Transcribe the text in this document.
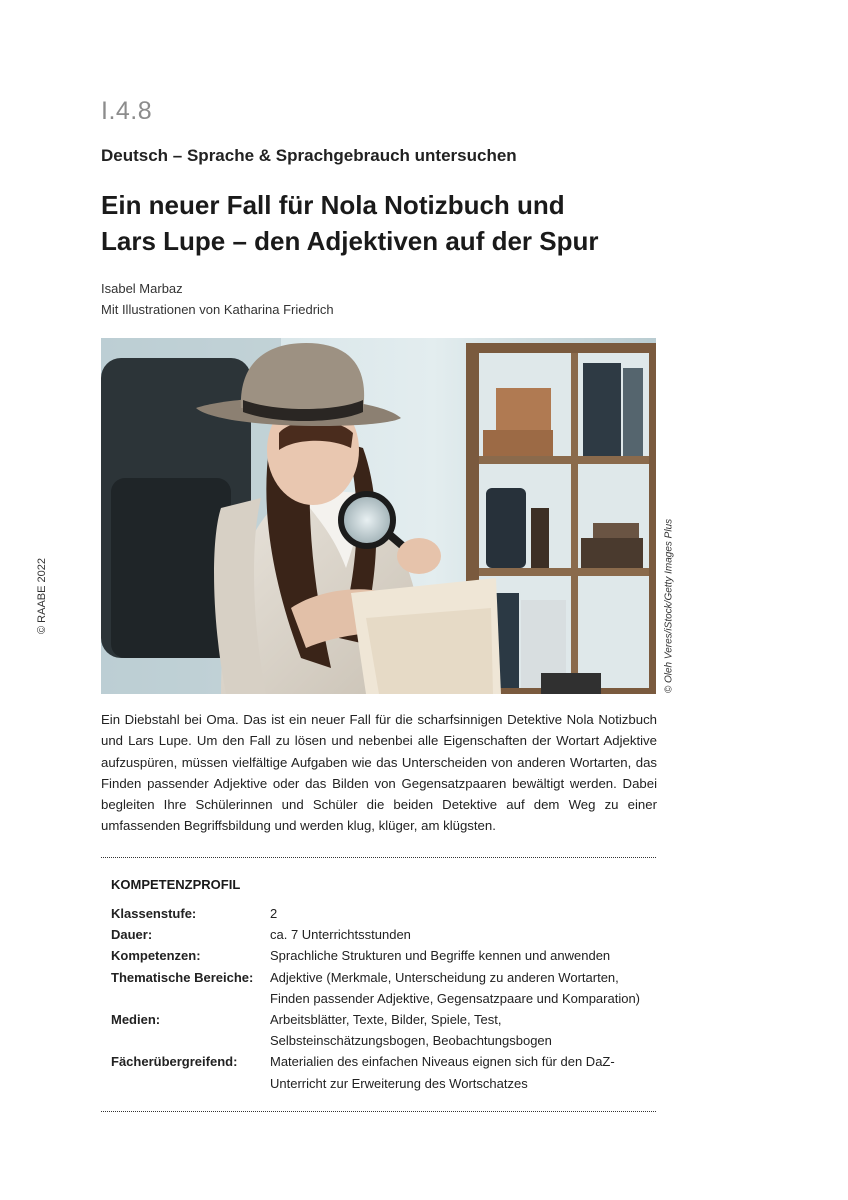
I.4.8
Deutsch – Sprache & Sprachgebrauch untersuchen
Ein neuer Fall für Nola Notizbuch und Lars Lupe – den Adjektiven auf der Spur
Isabel Marbaz
Mit Illustrationen von Katharina Friedrich
© RAABE 2022	© Oleh Veres/iStock/Getty Images Plus

Ein Diebstahl bei Oma. Das ist ein neuer Fall für die scharfsinnigen Detektive Nola Notizbuch und Lars Lupe. Um den Fall zu lösen und nebenbei alle Eigenschaften der Wortart Adjektive aufzuspüren, müssen vielfältige Aufgaben wie das Unterscheiden von anderen Wortarten, das Finden passender Adjektive oder das Bilden von Gegensatzpaaren bewältigt werden. Dabei begleiten Ihre Schülerinnen und Schüler die beiden Detektive auf dem Weg zu einer umfassenden Begriffsbildung und werden klug, klüger, am klügsten.

KOMPETENZPROFIL
Klassenstufe:	2
Dauer:	ca. 7 Unterrichtsstunden
Kompetenzen:	Sprachliche Strukturen und Begriffe kennen und anwenden
Thematische Bereiche:	Adjektive (Merkmale, Unterscheidung zu anderen Wortarten, Finden passender Adjektive, Gegensatzpaare und Komparation)
Medien:	Arbeitsblätter, Texte, Bilder, Spiele, Test, Selbsteinschätzungsbogen, Beobachtungsbogen
Fächerübergreifend:	Materialien des einfachen Niveaus eignen sich für den DaZ-Unterricht zur Erweiterung des Wortschatzes
